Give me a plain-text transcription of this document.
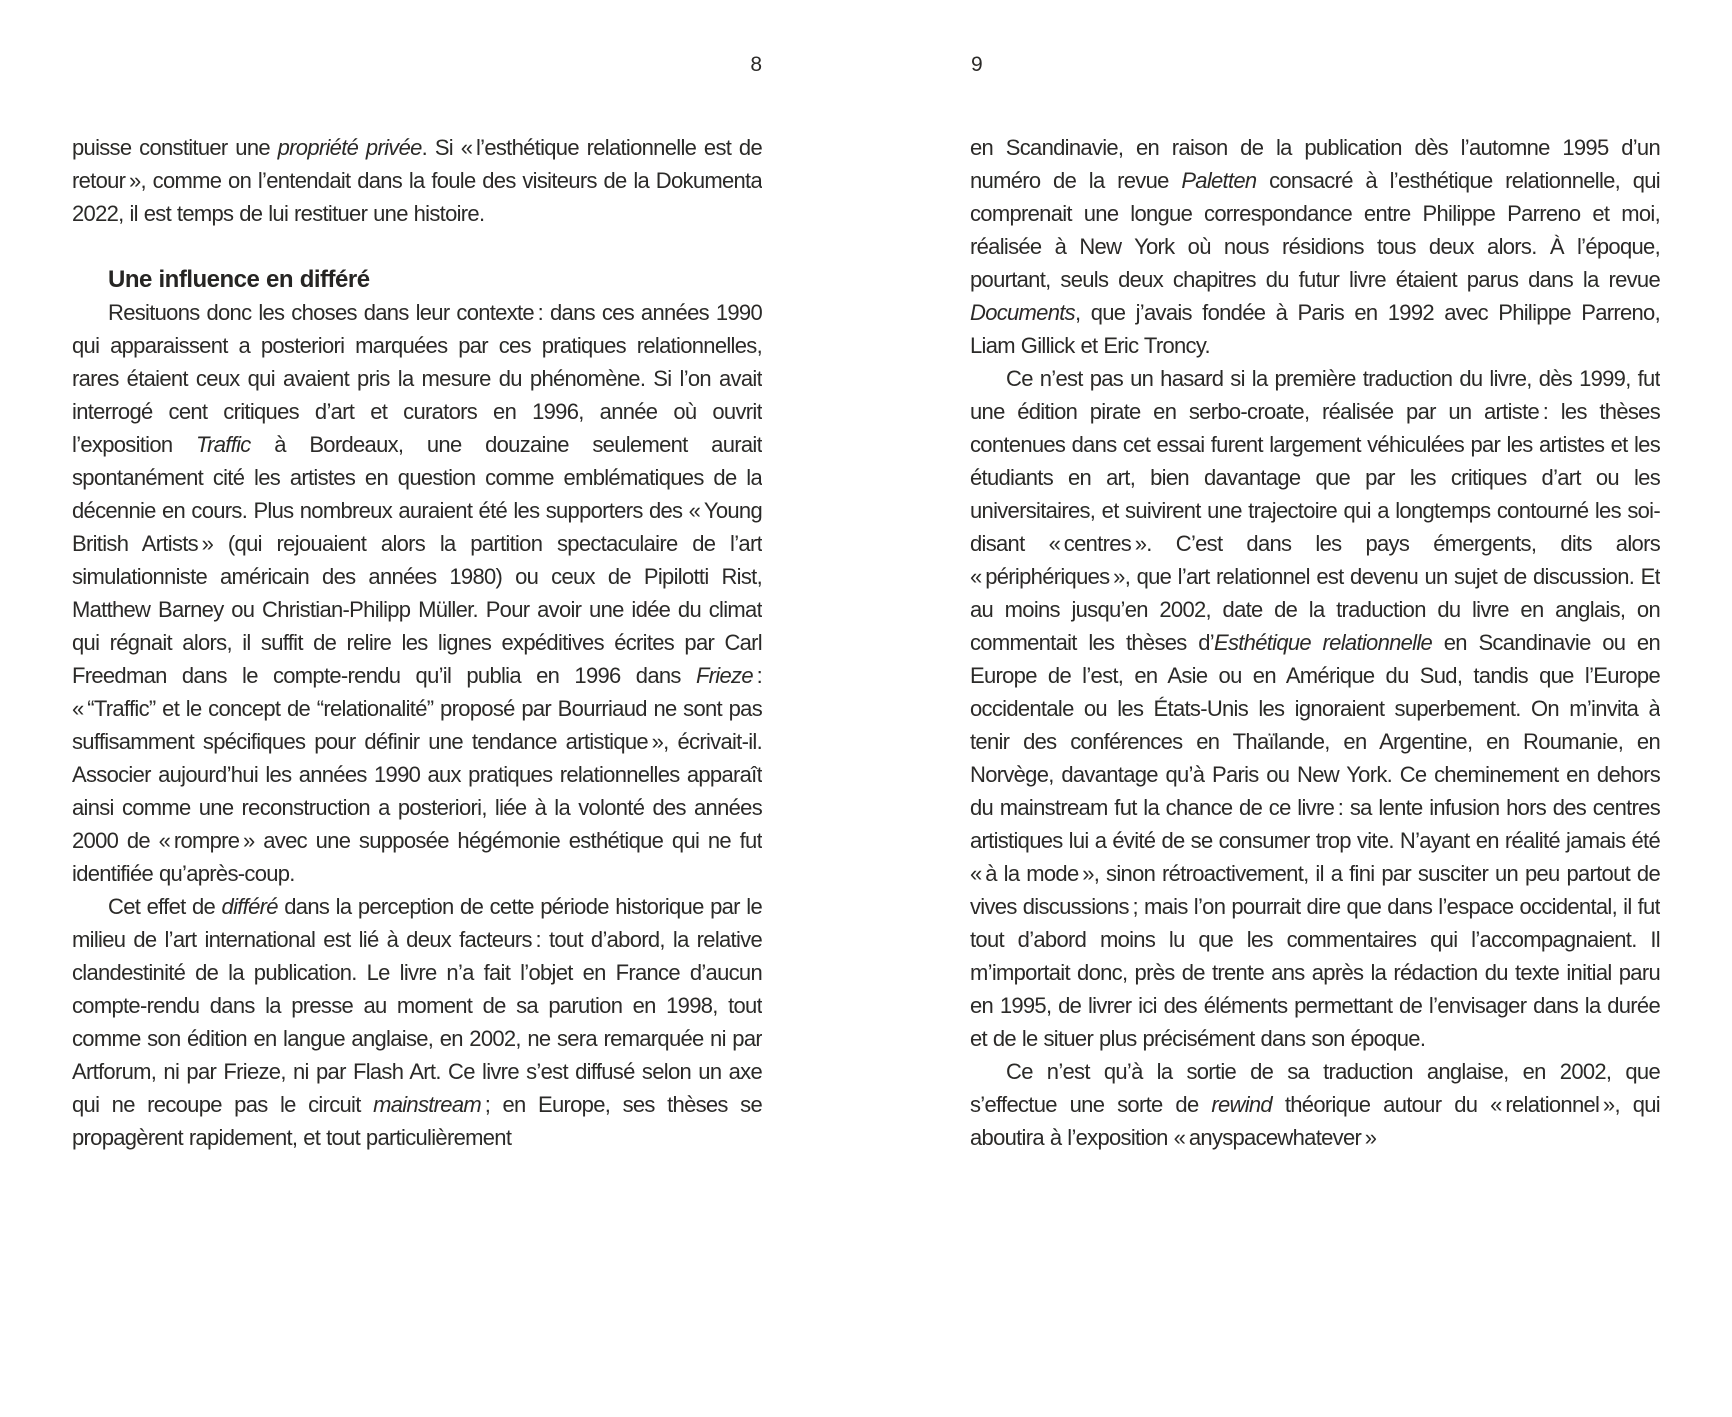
8

puisse constituer une propriété privée. Si « l’esthétique relationnelle est de retour », comme on l’entendait dans la foule des visiteurs de la Dokumenta 2022, il est temps de lui restituer une histoire.

Une influence en différé

Resituons donc les choses dans leur contexte : dans ces années 1990 qui apparaissent a posteriori marquées par ces pratiques relationnelles, rares étaient ceux qui avaient pris la mesure du phénomène. Si l’on avait interrogé cent critiques d’art et curators en 1996, année où ouvrit l’exposition Traffic à Bordeaux, une douzaine seulement aurait spontanément cité les artistes en question comme emblématiques de la décennie en cours. Plus nombreux auraient été les supporters des « Young British Artists » (qui rejouaient alors la partition spectaculaire de l’art simulationniste américain des années 1980) ou ceux de Pipilotti Rist, Matthew Barney ou Christian-Philipp Müller. Pour avoir une idée du climat qui régnait alors, il suffit de relire les lignes expéditives écrites par Carl Freedman dans le compte-rendu qu’il publia en 1996 dans Frieze : « “Traffic” et le concept de “relationalité” proposé par Bourriaud ne sont pas suffisamment spécifiques pour définir une tendance artistique », écrivait-il. Associer aujourd’hui les années 1990 aux pratiques relationnelles apparaît ainsi comme une reconstruction a posteriori, liée à la volonté des années 2000 de « rompre » avec une supposée hégémonie esthétique qui ne fut identifiée qu’après-coup.

Cet effet de différé dans la perception de cette période historique par le milieu de l’art international est lié à deux facteurs : tout d’abord, la relative clandestinité de la publication. Le livre n’a fait l’objet en France d’aucun compte-rendu dans la presse au moment de sa parution en 1998, tout comme son édition en langue anglaise, en 2002, ne sera remarquée ni par Artforum, ni par Frieze, ni par Flash Art. Ce livre s’est diffusé selon un axe qui ne recoupe pas le circuit mainstream ; en Europe, ses thèses se propagèrent rapidement, et tout particulièrement

9

en Scandinavie, en raison de la publication dès l’automne 1995 d’un numéro de la revue Paletten consacré à l’esthétique relationnelle, qui comprenait une longue correspondance entre Philippe Parreno et moi, réalisée à New York où nous résidions tous deux alors. À l’époque, pourtant, seuls deux chapitres du futur livre étaient parus dans la revue Documents, que j’avais fondée à Paris en 1992 avec Philippe Parreno, Liam Gillick et Eric Troncy.

Ce n’est pas un hasard si la première traduction du livre, dès 1999, fut une édition pirate en serbo-croate, réalisée par un artiste : les thèses contenues dans cet essai furent largement véhiculées par les artistes et les étudiants en art, bien davantage que par les critiques d’art ou les universitaires, et suivirent une trajectoire qui a longtemps contourné les soi-disant « centres ». C’est dans les pays émergents, dits alors « périphériques », que l’art relationnel est devenu un sujet de discussion. Et au moins jusqu’en 2002, date de la traduction du livre en anglais, on commentait les thèses d’Esthétique relationnelle en Scandinavie ou en Europe de l’est, en Asie ou en Amérique du Sud, tandis que l’Europe occidentale ou les États-Unis les ignoraient superbement. On m’invita à tenir des conférences en Thaïlande, en Argentine, en Roumanie, en Norvège, davantage qu’à Paris ou New York. Ce cheminement en dehors du mainstream fut la chance de ce livre : sa lente infusion hors des centres artistiques lui a évité de se consumer trop vite. N’ayant en réalité jamais été « à la mode », sinon rétroactivement, il a fini par susciter un peu partout de vives discussions ; mais l’on pourrait dire que dans l’espace occidental, il fut tout d’abord moins lu que les commentaires qui l’accompagnaient. Il m’importait donc, près de trente ans après la rédaction du texte initial paru en 1995, de livrer ici des éléments permettant de l’envisager dans la durée et de le situer plus précisément dans son époque.

Ce n’est qu’à la sortie de sa traduction anglaise, en 2002, que s’effectue une sorte de rewind théorique autour du « relationnel », qui aboutira à l’exposition « anyspacewhatever »
